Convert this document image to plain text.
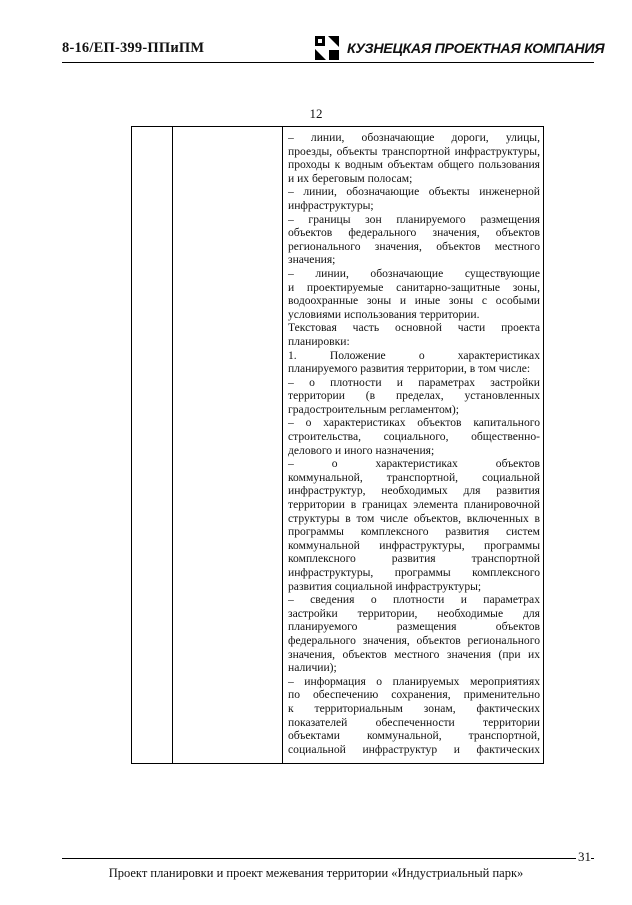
8-16/ЕП-399-ППиПМ	КУЗНЕЦКАЯ ПРОЕКТНАЯ КОМПАНИЯ
12
– линии, обозначающие дороги, улицы,
проезды, объекты транспортной инфраструктуры,
проходы к водным объектам общего пользования
и их береговым полосам;
– линии, обозначающие объекты инженерной
инфраструктуры;
– границы зон планируемого размещения
объектов федерального значения, объектов
регионального значения, объектов местного
значения;
– линии, обозначающие существующие
и проектируемые санитарно-защитные зоны,
водоохранные зоны и иные зоны с особыми
условиями использования территории.
Текстовая часть основной части проекта
планировки:
1. Положение о характеристиках
планируемого развития территории, в том числе:
– о плотности и параметрах застройки
территории (в пределах, установленных
градостроительным регламентом);
– о характеристиках объектов капитального
строительства, социального, общественно-
делового и иного назначения;
– о характеристиках объектов
коммунальной, транспортной, социальной
инфраструктур, необходимых для развития
территории в границах элемента планировочной
структуры в том числе объектов, включенных в
программы комплексного развития систем
коммунальной инфраструктуры, программы
комплексного развития транспортной
инфраструктуры, программы комплексного
развития социальной инфраструктуры;
– сведения о плотности и параметрах
застройки территории, необходимые для
планируемого размещения объектов
федерального значения, объектов регионального
значения, объектов местного значения (при их
наличии);
– информация о планируемых мероприятиях
по обеспечению сохранения, применительно
к территориальным зонам, фактических
показателей обеспеченности территории
объектами коммунальной, транспортной,
социальной инфраструктур и фактических
31
Проект планировки и проект межевания территории «Индустриальный парк»
